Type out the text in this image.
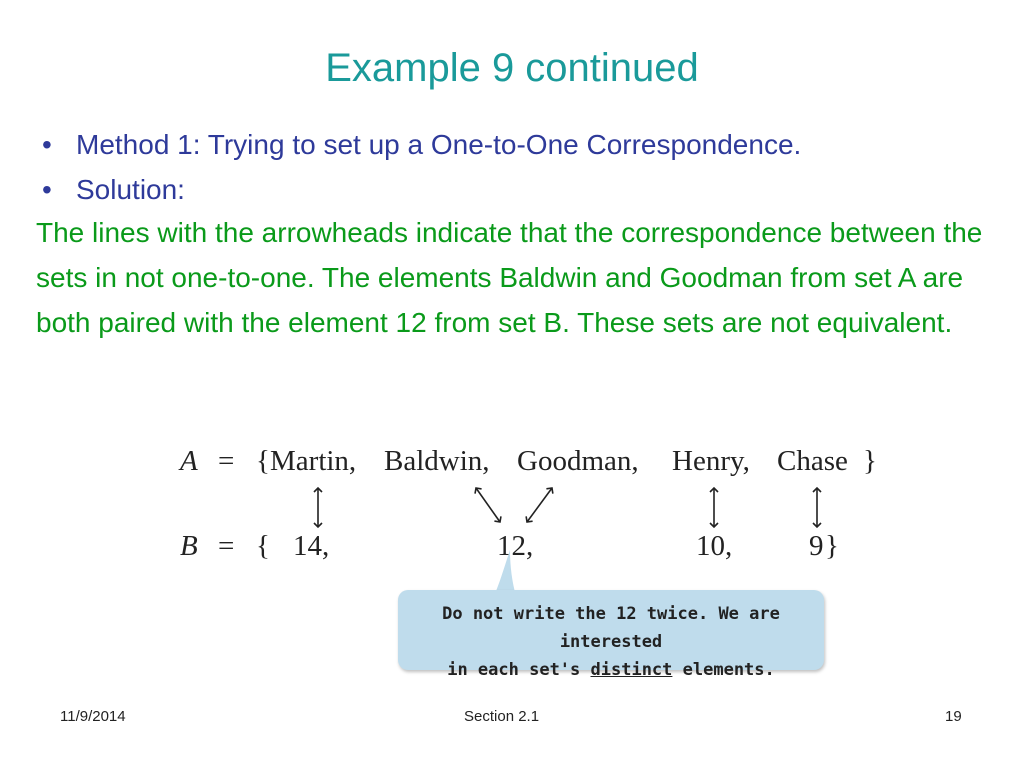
Example 9 continued
• Method 1: Trying to set up a One-to-One Correspondence.
• Solution:
The lines with the arrowheads indicate that the correspondence between the sets in not one-to-one. The elements Baldwin and Goodman from set A are both paired with the element 12 from set B. These sets are not equivalent.
A = { Martin, Baldwin, Goodman, Henry, Chase }
B = { 14,	12,	10,	9 }
Do not write the 12 twice. We are interested
in each set's distinct elements.
11/9/2014	Section 2.1	19
